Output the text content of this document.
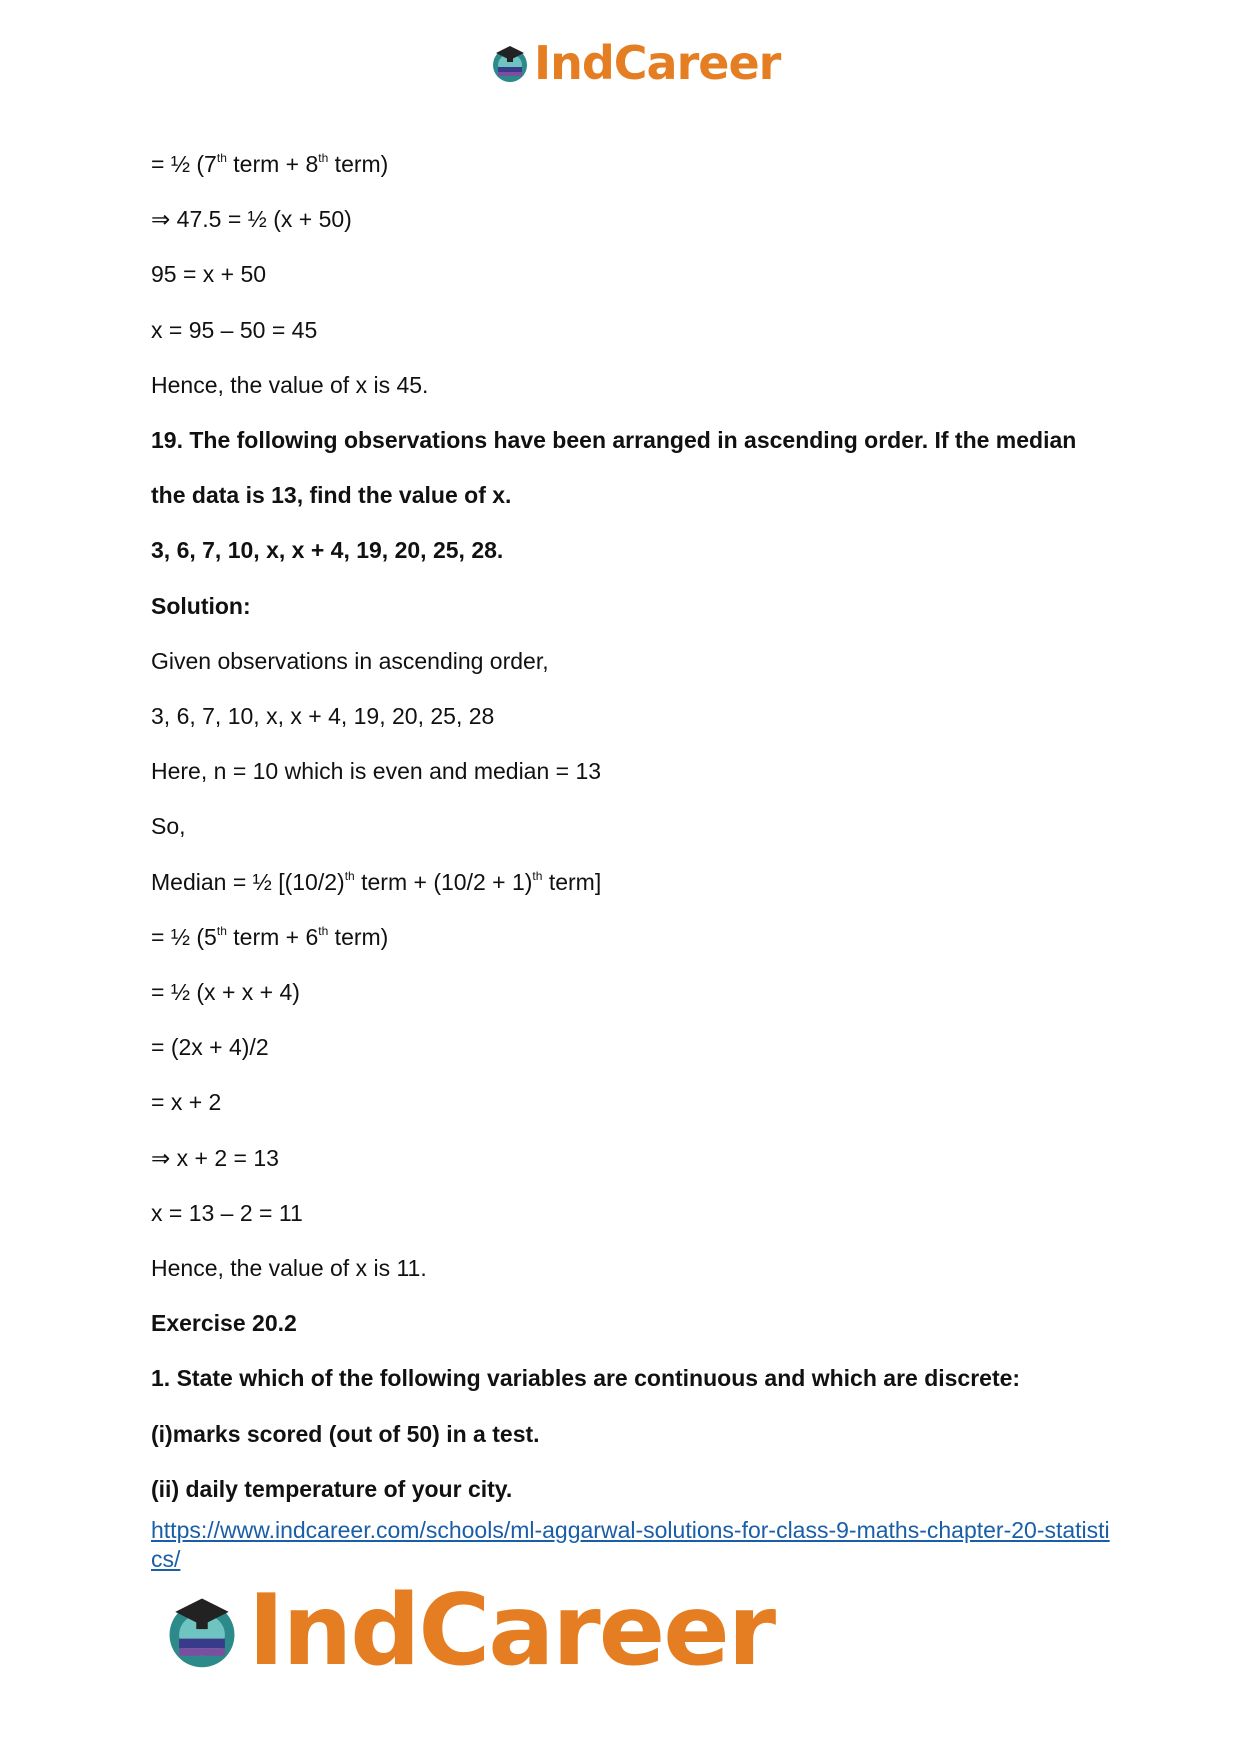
IndCareer
= ½ (7th term + 8th term)
⇒ 47.5 = ½ (x + 50)
95 = x + 50
x = 95 – 50 = 45
Hence, the value of x is 45.
19. The following observations have been arranged in ascending order. If the median
the data is 13, find the value of x.
3, 6, 7, 10, x, x + 4, 19, 20, 25, 28.
Solution:
Given observations in ascending order,
3, 6, 7, 10, x, x + 4, 19, 20, 25, 28
Here, n = 10 which is even and median = 13
So,
Median = ½ [$(10/2)^{th}$ term + $(10/2 + 1)^{th}$ term]
= ½ (5th term + 6th term)
= ½ (x + x + 4)
= (2x + 4)/2
= x + 2
⇒ x + 2 = 13
x = 13 – 2 = 11
Hence, the value of x is 11.
Exercise 20.2
1. State which of the following variables are continuous and which are discrete:
(i)marks scored (out of 50) in a test.
(ii) daily temperature of your city.
https://www.indcareer.com/schools/ml-aggarwal-solutions-for-class-9-maths-chapter-20-statistics/
IndCareer
